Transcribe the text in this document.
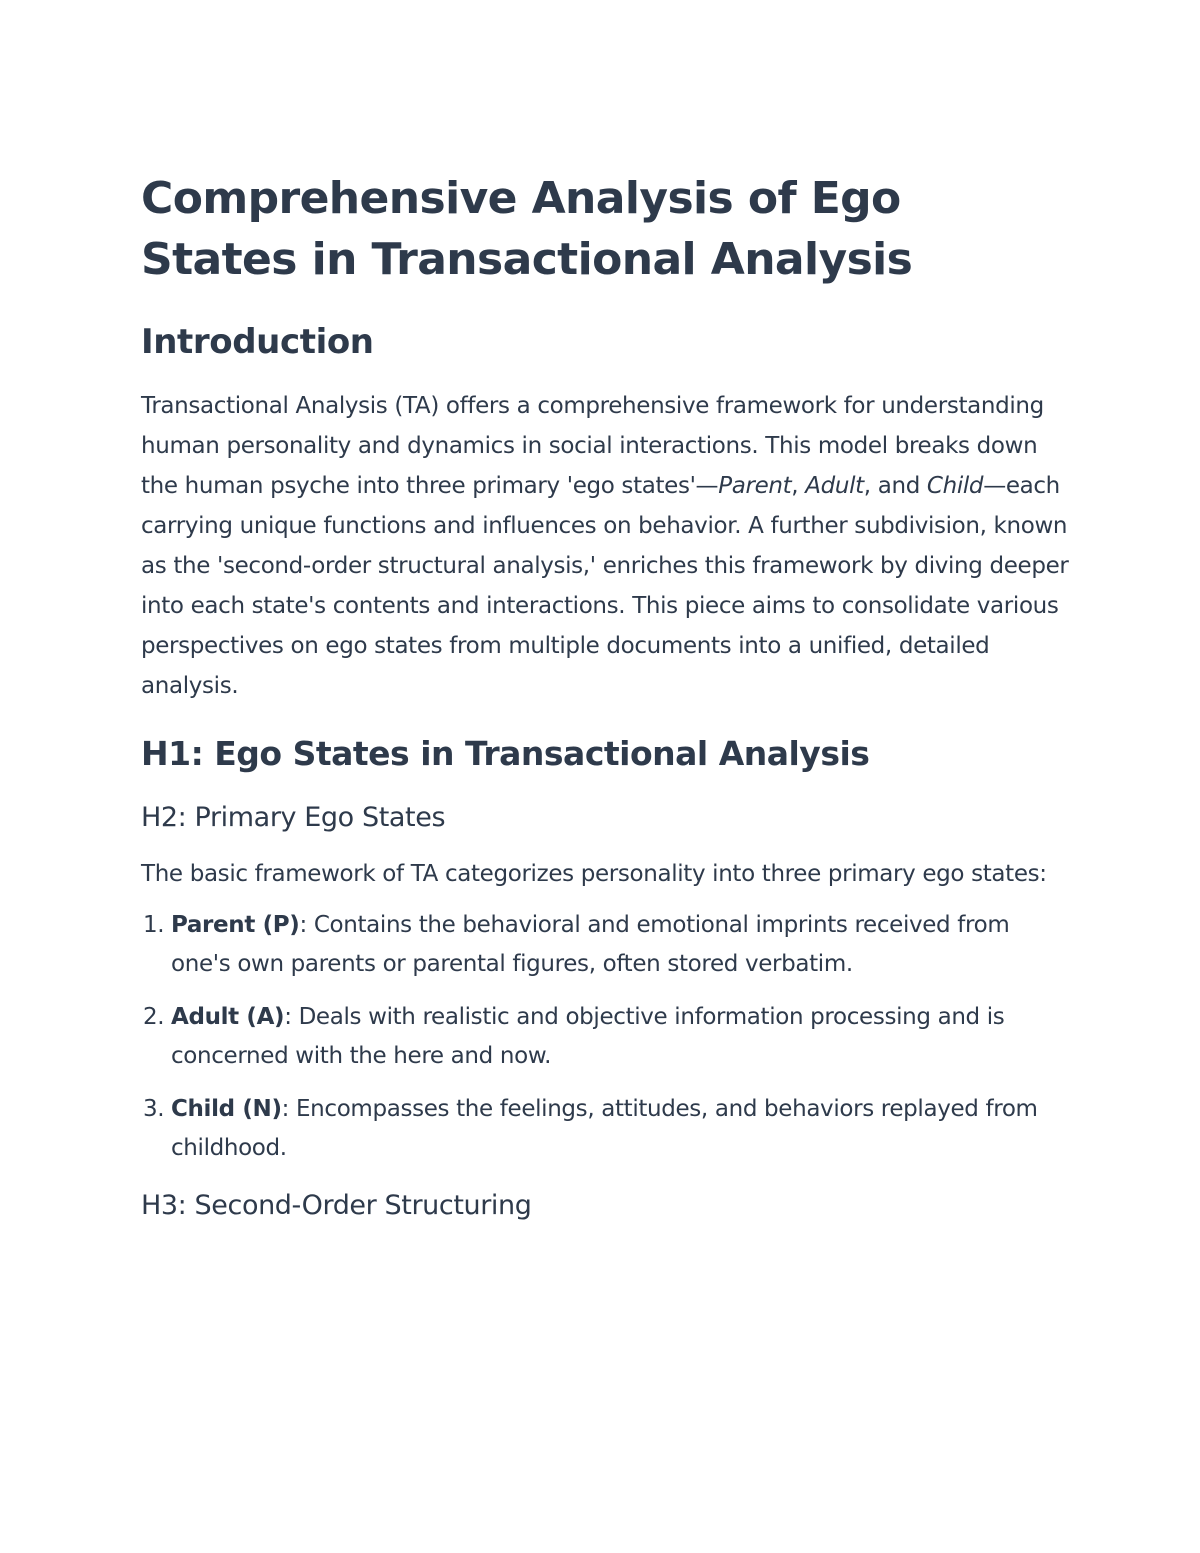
Comprehensive Analysis of Ego States in Transactional Analysis
Introduction

Transactional Analysis (TA) offers a comprehensive framework for understanding human personality and dynamics in social interactions. This model breaks down the human psyche into three primary 'ego states'—Parent, Adult, and Child—each carrying unique functions and influences on behavior. A further subdivision, known as the 'second-order structural analysis,' enriches this framework by diving deeper into each state's contents and interactions. This piece aims to consolidate various perspectives on ego states from multiple documents into a unified, detailed analysis.

H1: Ego States in Transactional Analysis
H2: Primary Ego States

The basic framework of TA categorizes personality into three primary ego states:

1. Parent (P): Contains the behavioral and emotional imprints received from one's own parents or parental figures, often stored verbatim.
2. Adult (A): Deals with realistic and objective information processing and is concerned with the here and now.
3. Child (N): Encompasses the feelings, attitudes, and behaviors replayed from childhood.
H3: Second-Order Structuring
